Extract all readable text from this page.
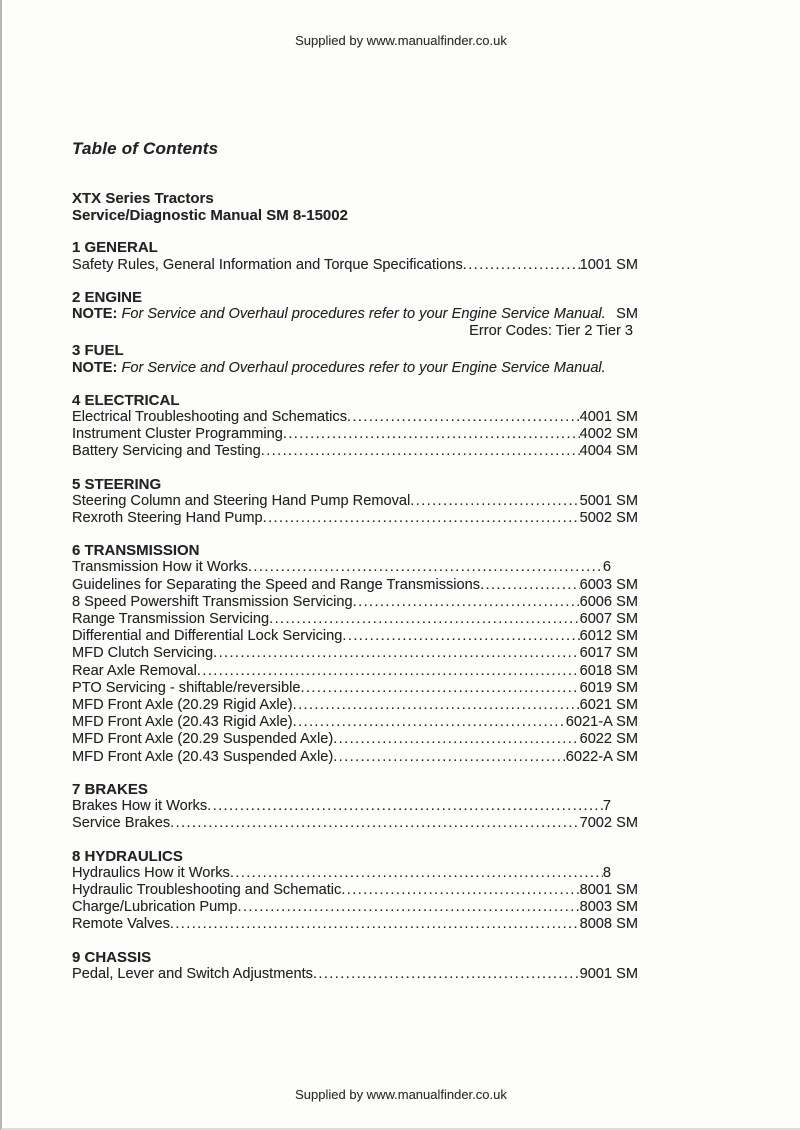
Supplied by www.manualfinder.co.uk
Table of Contents
XTX Series Tractors
Service/Diagnostic Manual SM 8-15002
1 GENERAL
Safety Rules, General Information and Torque Specifications .....	1001 SM
2 ENGINE
NOTE: For Service and Overhaul procedures refer to your Engine Service Manual. SM
Error Codes: Tier 2 Tier 3
3 FUEL
NOTE: For Service and Overhaul procedures refer to your Engine Service Manual.
4 ELECTRICAL
Electrical Troubleshooting and Schematics .....	4001 SM
Instrument Cluster Programming .....	4002 SM
Battery Servicing and Testing .....	4004 SM
5 STEERING
Steering Column and Steering Hand Pump Removal .....	5001 SM
Rexroth Steering Hand Pump .....	5002 SM
6 TRANSMISSION
Transmission How it Works .....	6
Guidelines for Separating the Speed and Range Transmissions .....	6003 SM
8 Speed Powershift Transmission Servicing .....	6006 SM
Range Transmission Servicing .....	6007 SM
Differential and Differential Lock Servicing .....	6012 SM
MFD Clutch Servicing .....	6017 SM
Rear Axle Removal .....	6018 SM
PTO Servicing - shiftable/reversible .....	6019 SM
MFD Front Axle (20.29 Rigid Axle) .....	6021 SM
MFD Front Axle (20.43 Rigid Axle) .....	6021-A SM
MFD Front Axle (20.29 Suspended Axle) .....	6022 SM
MFD Front Axle (20.43 Suspended Axle) .....	6022-A SM
7 BRAKES
Brakes How it Works .....	7
Service Brakes .....	7002 SM
8 HYDRAULICS
Hydraulics How it Works .....	8
Hydraulic Troubleshooting and Schematic .....	8001 SM
Charge/Lubrication Pump .....	8003 SM
Remote Valves .....	8008 SM
9 CHASSIS
Pedal, Lever and Switch Adjustments .....	9001 SM
Supplied by www.manualfinder.co.uk
